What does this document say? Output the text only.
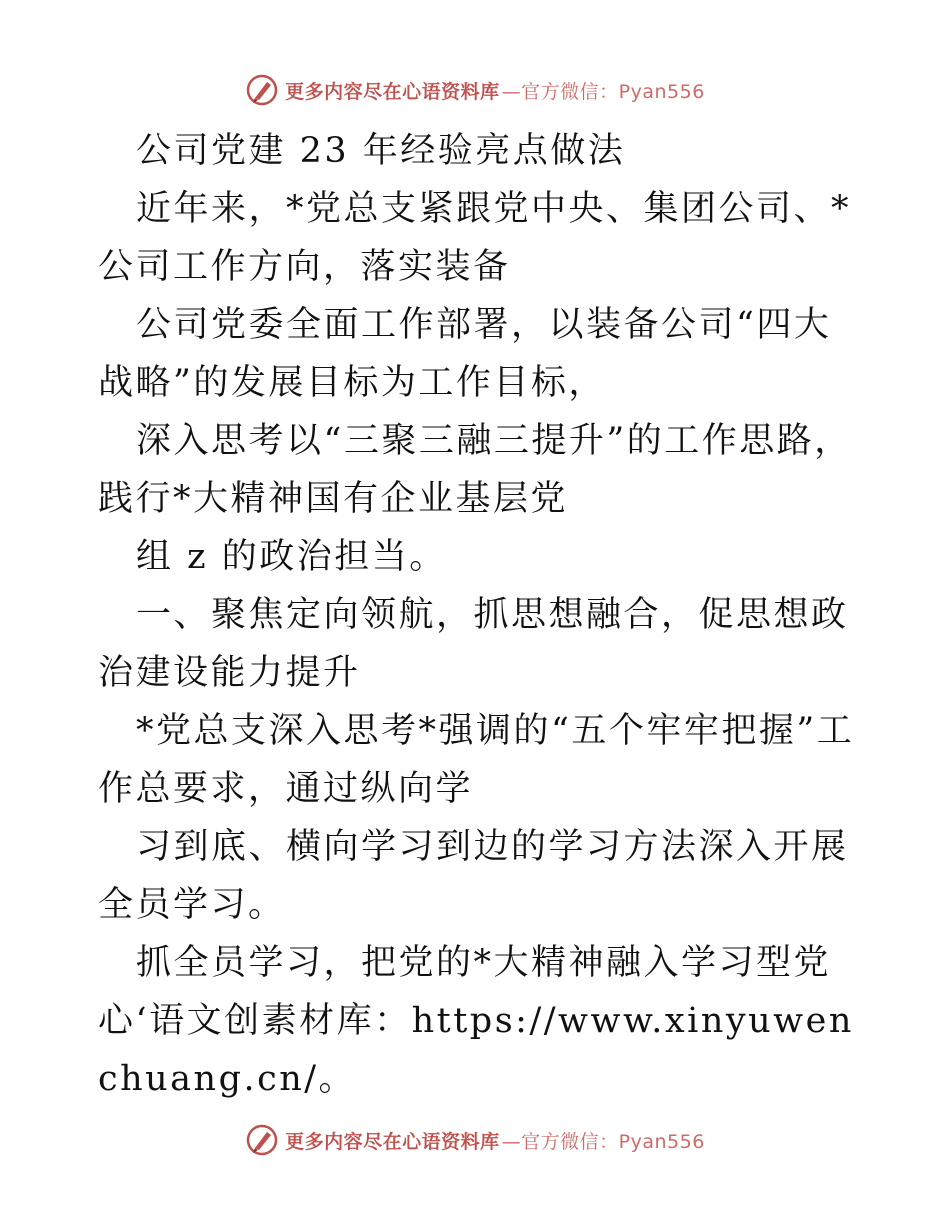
更多内容尽在心语资料库 —官方微信：Pyan556

公司党建 23 年经验亮点做法

近年来，*党总支紧跟党中央、集团公司、*公司工作方向，落实装备

公司党委全面工作部署，以装备公司“四大战略”的发展目标为工作目标，

深入思考以“三聚三融三提升”的工作思路，践行*大精神国有企业基层党

组 z 的政治担当。

一、聚焦定向领航，抓思想融合，促思想政治建设能力提升

*党总支深入思考*强调的“五个牢牢把握”工作总要求，通过纵向学

习到底、横向学习到边的学习方法深入开展全员学习。

抓全员学习，把党的*大精神融入学习型党心‘语文创素材库：https://www.xinyuwenchuang.cn/。

更多内容尽在心语资料库 —官方微信：Pyan556
